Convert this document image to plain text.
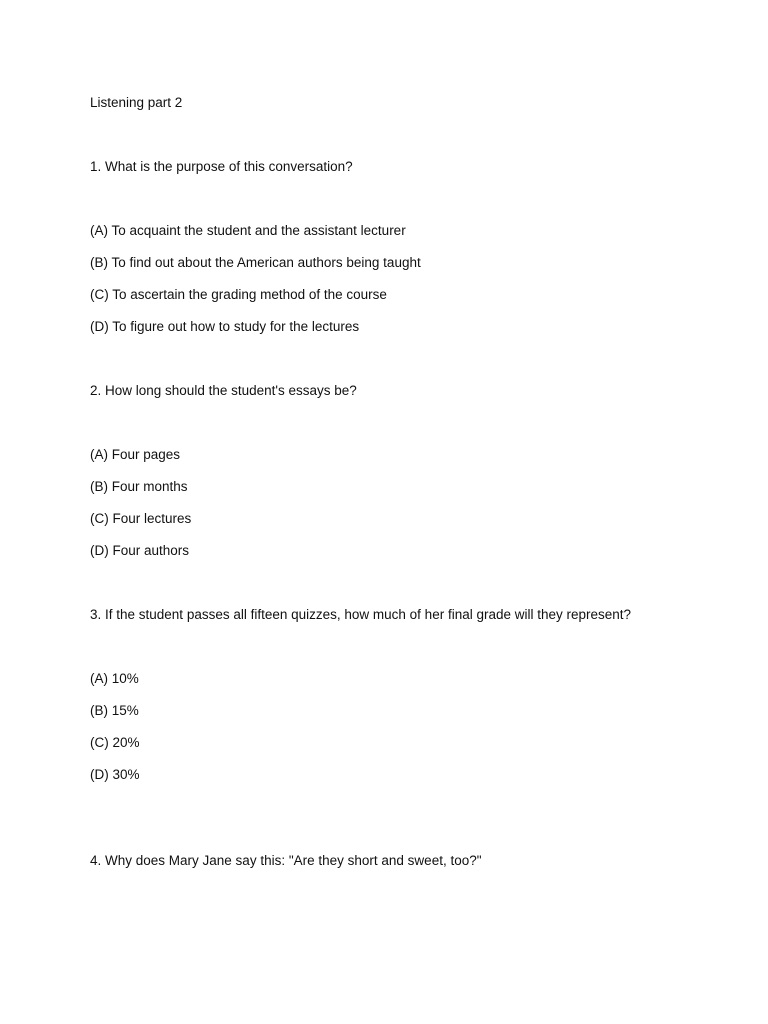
Listening part 2
1. What is the purpose of this conversation?
(A) To acquaint the student and the assistant lecturer
(B) To find out about the American authors being taught
(C) To ascertain the grading method of the course
(D) To figure out how to study for the lectures
2. How long should the student's essays be?
(A) Four pages
(B) Four months
(C) Four lectures
(D) Four authors
3. If the student passes all fifteen quizzes, how much of her final grade will they represent?
(A) 10%
(B) 15%
(C) 20%
(D) 30%
4. Why does Mary Jane say this: "Are they short and sweet, too?"
